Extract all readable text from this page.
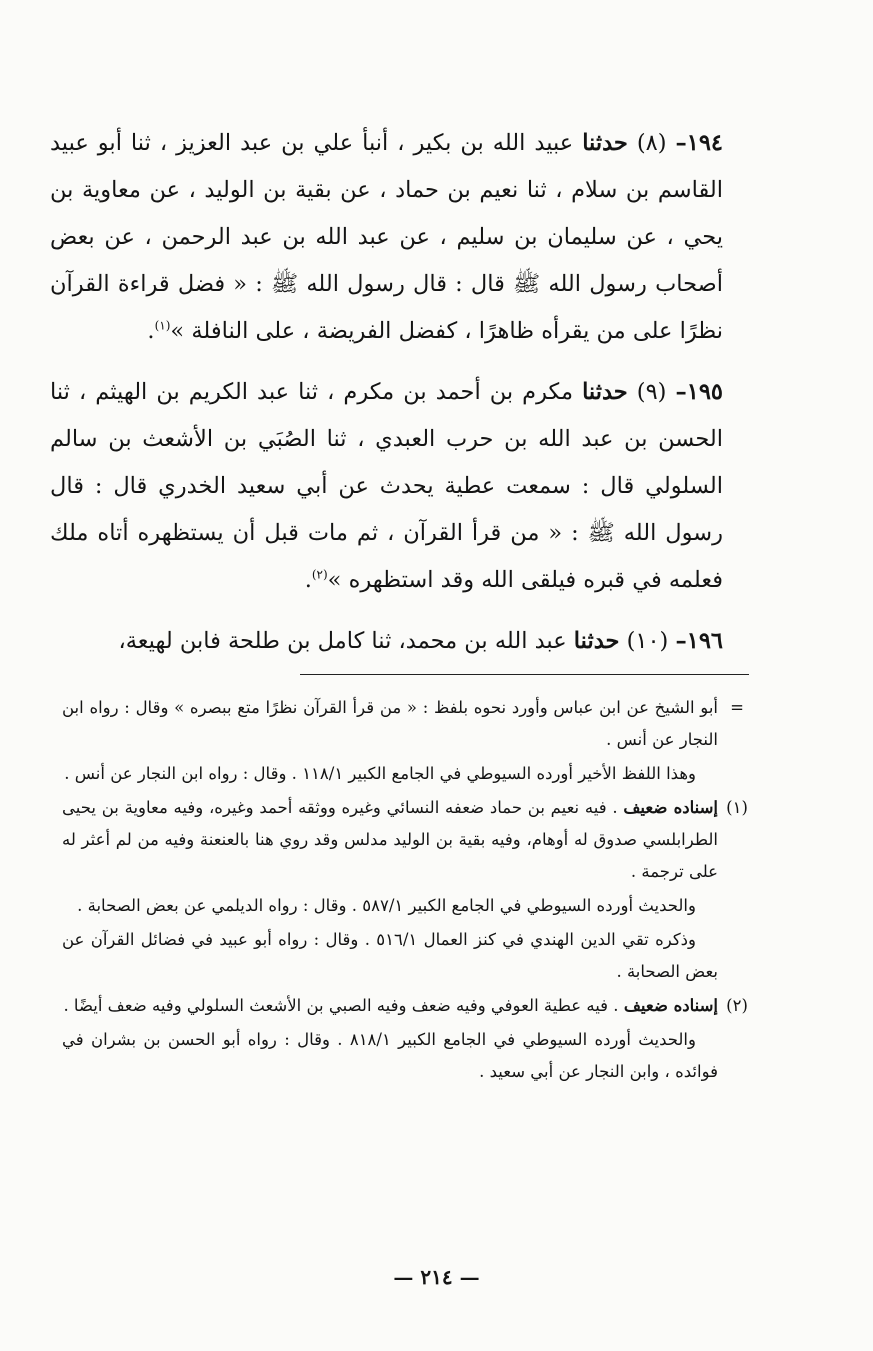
١٩٤– (٨) حدثنا عبيد الله بن بكير ، أنبأ علي بن عبد العزيز ، ثنا أبو عبيد القاسم بن سلام ، ثنا نعيم بن حماد ، عن بقية بن الوليد ، عن معاوية بن يحي ، عن سليمان بن سليم ، عن عبد الله بن عبد الرحمن ، عن بعض أصحاب رسول الله ﷺ قال : قال رسول الله ﷺ : « فضل قراءة القرآن نظرًا على من يقرأه ظاهرًا ، كفضل الفريضة ، على النافلة »$^{(١)}$.

١٩٥– (٩) حدثنا مكرم بن أحمد بن مكرم ، ثنا عبد الكريم بن الهيثم ، ثنا الحسن بن عبد الله بن حرب العبدي ، ثنا الصُبَي بن الأشعث بن سالم السلولي قال : سمعت عطية يحدث عن أبي سعيد الخدري قال : قال رسول الله ﷺ : « من قرأ القرآن ، ثم مات قبل أن يستظهره أتاه ملك فعلمه في قبره فيلقى الله وقد استظهره »$^{(٢)}$.

١٩٦– (١٠) حدثنا عبد الله بن محمد، ثنا كامل بن طلحة فابن لهيعة،

=

أبو الشيخ عن ابن عباس وأورد نحوه بلفظ : « من قرأ القرآن نظرًا متع ببصره » وقال : رواه ابن النجار عن أنس .

وهذا اللفظ الأخير أورده السيوطي في الجامع الكبير ١١٨/١ . وقال : رواه ابن النجار عن أنس .

(١)

إسناده ضعيف . فيه نعيم بن حماد ضعفه النسائي وغيره ووثقه أحمد وغيره، وفيه معاوية بن يحيى الطرابلسي صدوق له أوهام، وفيه بقية بن الوليد مدلس وقد روي هنا بالعنعنة وفيه من لم أعثر له على ترجمة .

والحديث أورده السيوطي في الجامع الكبير ٥٨٧/١ . وقال : رواه الديلمي عن بعض الصحابة .

وذكره تقي الدين الهندي في كنز العمال ٥١٦/١ . وقال : رواه أبو عبيد في فضائل القرآن عن بعض الصحابة .

(٢)

إسناده ضعيف . فيه عطية العوفي وفيه ضعف وفيه الصبي بن الأشعث السلولي وفيه ضعف أيضًا .

والحديث أورده السيوطي في الجامع الكبير ٨١٨/١ . وقال : رواه أبو الحسن بن بشران في فوائده ، وابن النجار عن أبي سعيد .

— ٢١٤ —
